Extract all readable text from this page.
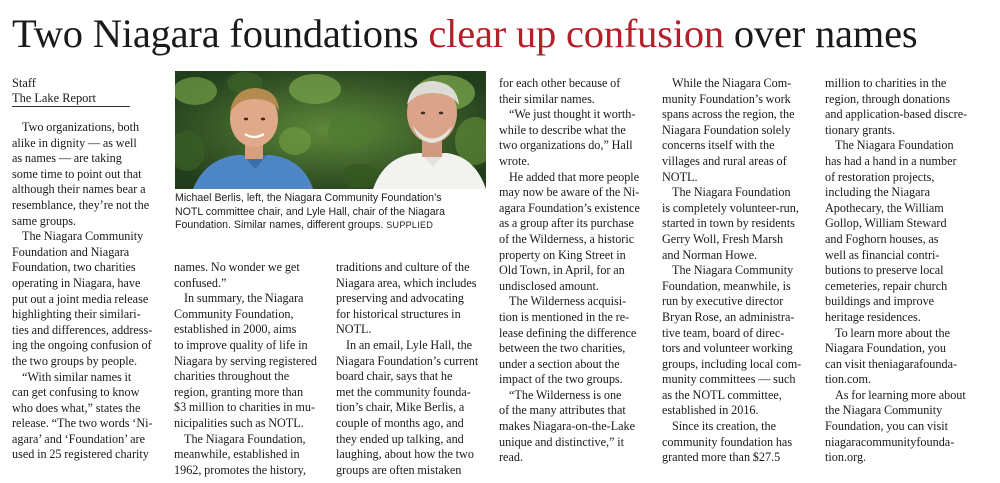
Two Niagara foundations clear up confusion over names
Staff
The Lake Report
Two organizations, both
alike in dignity — as well
as names — are taking
some time to point out that
although their names bear a
resemblance, they’re not the
same groups.
The Niagara Community
Foundation and Niagara
Foundation, two charities
operating in Niagara, have
put out a joint media release
highlighting their similari-
ties and differences, address-
ing the ongoing confusion of
the two groups by people.
“With similar names it
can get confusing to know
who does what,” states the
release. “The two words ‘Ni-
agara’ and ‘Foundation’ are
used in 25 registered charity
names. No wonder we get
confused.”
In summary, the Niagara
Community Foundation,
established in 2000, aims
to improve quality of life in
Niagara by serving registered
charities throughout the
region, granting more than
$3 million to charities in mu-
nicipalities such as NOTL.
The Niagara Foundation,
meanwhile, established in
1962, promotes the history,
traditions and culture of the
Niagara area, which includes
preserving and advocating
for historical structures in
NOTL.
In an email, Lyle Hall, the
Niagara Foundation’s current
board chair, says that he
met the community founda-
tion’s chair, Mike Berlis, a
couple of months ago, and
they ended up talking, and
laughing, about how the two
groups are often mistaken
for each other because of
their similar names.
“We just thought it worth-
while to describe what the
two organizations do,” Hall
wrote.
He added that more people
may now be aware of the Ni-
agara Foundation’s existence
as a group after its purchase
of the Wilderness, a historic
property on King Street in
Old Town, in April, for an
undisclosed amount.
The Wilderness acquisi-
tion is mentioned in the re-
lease defining the difference
between the two charities,
under a section about the
impact of the two groups.
“The Wilderness is one
of the many attributes that
makes Niagara-on-the-Lake
unique and distinctive,” it
read.
While the Niagara Com-
munity Foundation’s work
spans across the region, the
Niagara Foundation solely
concerns itself with the
villages and rural areas of
NOTL.
The Niagara Foundation
is completely volunteer-run,
started in town by residents
Gerry Woll, Fresh Marsh
and Norman Howe.
The Niagara Community
Foundation, meanwhile, is
run by executive director
Bryan Rose, an administra-
tive team, board of direc-
tors and volunteer working
groups, including local com-
munity committees — such
as the NOTL committee,
established in 2016.
Since its creation, the
community foundation has
granted more than $27.5
million to charities in the
region, through donations
and application-based discre-
tionary grants.
The Niagara Foundation
has had a hand in a number
of restoration projects,
including the Niagara
Apothecary, the William
Gollop, William Steward
and Foghorn houses, as
well as financial contri-
butions to preserve local
cemeteries, repair church
buildings and improve
heritage residences.
To learn more about the
Niagara Foundation, you
can visit theniagarafounda-
tion.com.
As for learning more about
the Niagara Community
Foundation, you can visit
niagaracommunityfounda-
tion.org.
Michael Berlis, left, the Niagara Community Foundation’s
NOTL committee chair, and Lyle Hall, chair of the Niagara
Foundation. Similar names, different groups. SUPPLIED
